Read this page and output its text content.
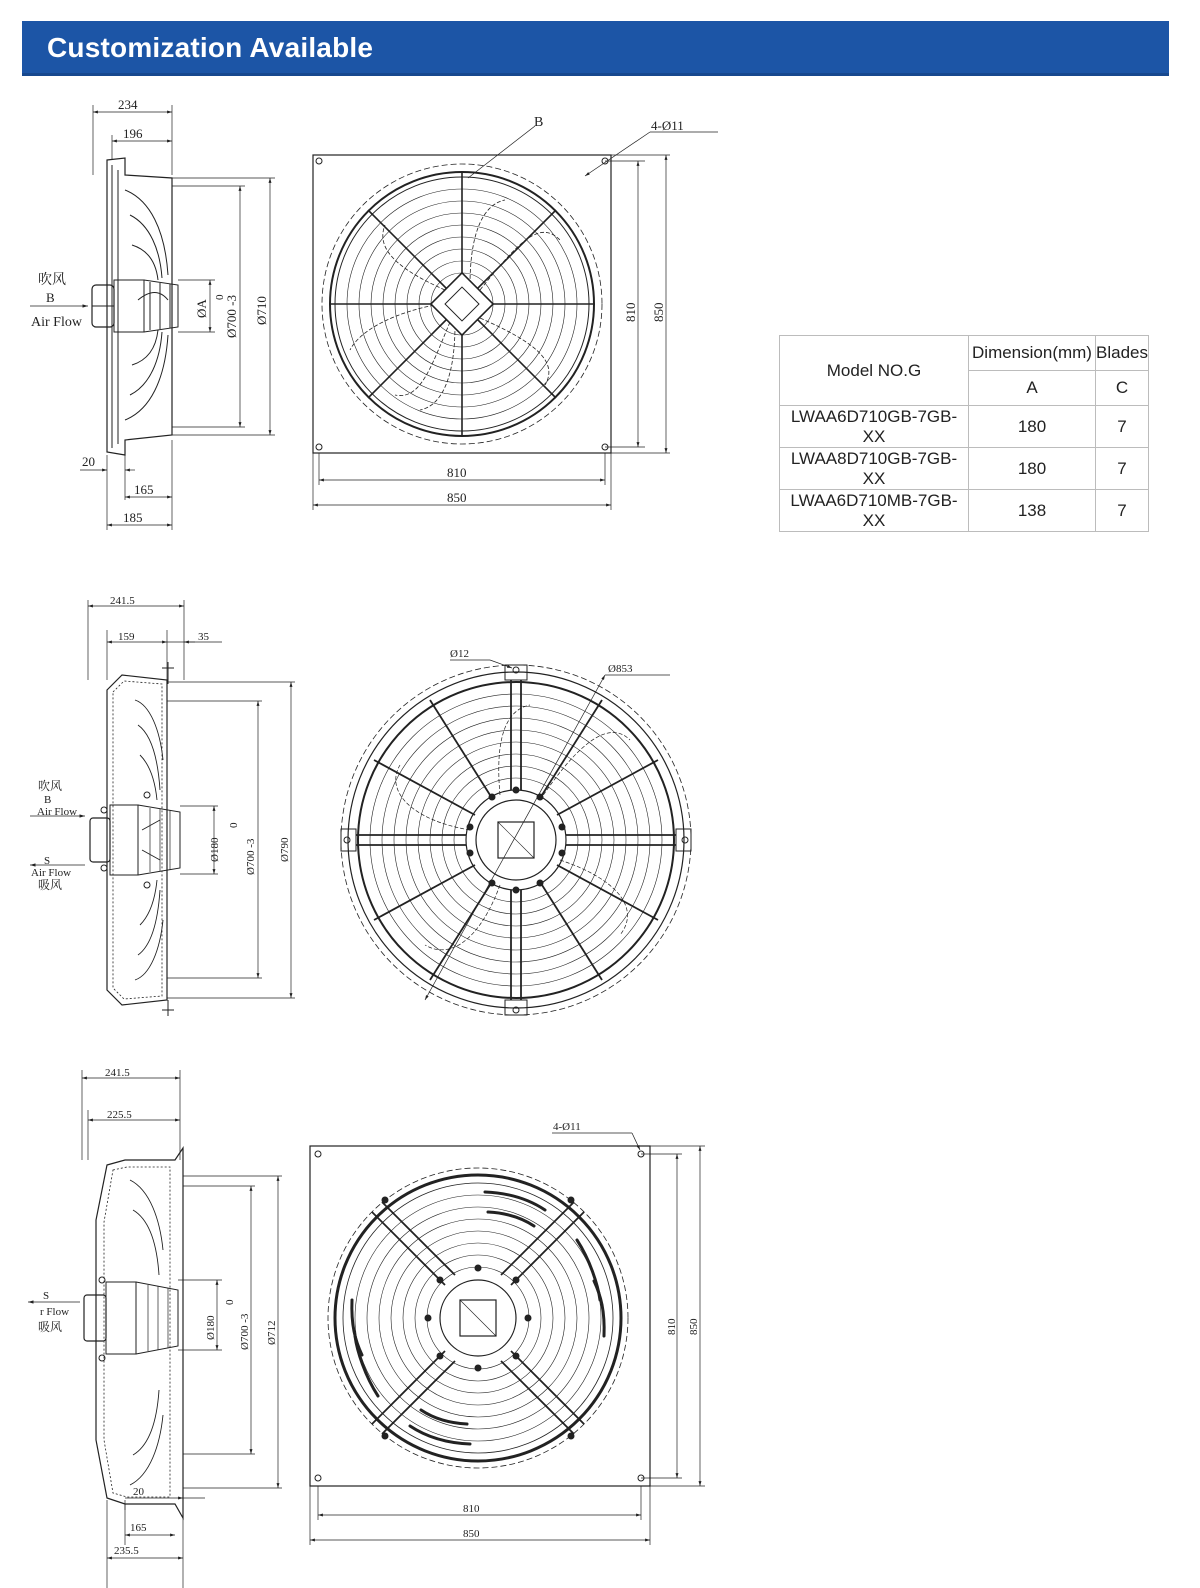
Customization Available
Model NO.G	Dimension(mm)	Blades
	A	C
LWAA6D710GB-7GB-XX	180	7
LWAA8D710GB-7GB-XX	180	7
LWAA6D710MB-7GB-XX	138	7
234
196
20
165
185
吹风
B
Air Flow
ØA Ø700 -3
0 Ø710
B	4-Ø11
810
850
810 850
241.5
159	35
吹风
B
Air Flow
S
Air Flow
吸风
Ø180
0
Ø700 -3 Ø790
Ø12
Ø853
241.5
225.5
20
165
235.5
S
r Flow
吸风	Ø180
0
Ø700 -3 Ø712
4-Ø11
810
850
810 850
